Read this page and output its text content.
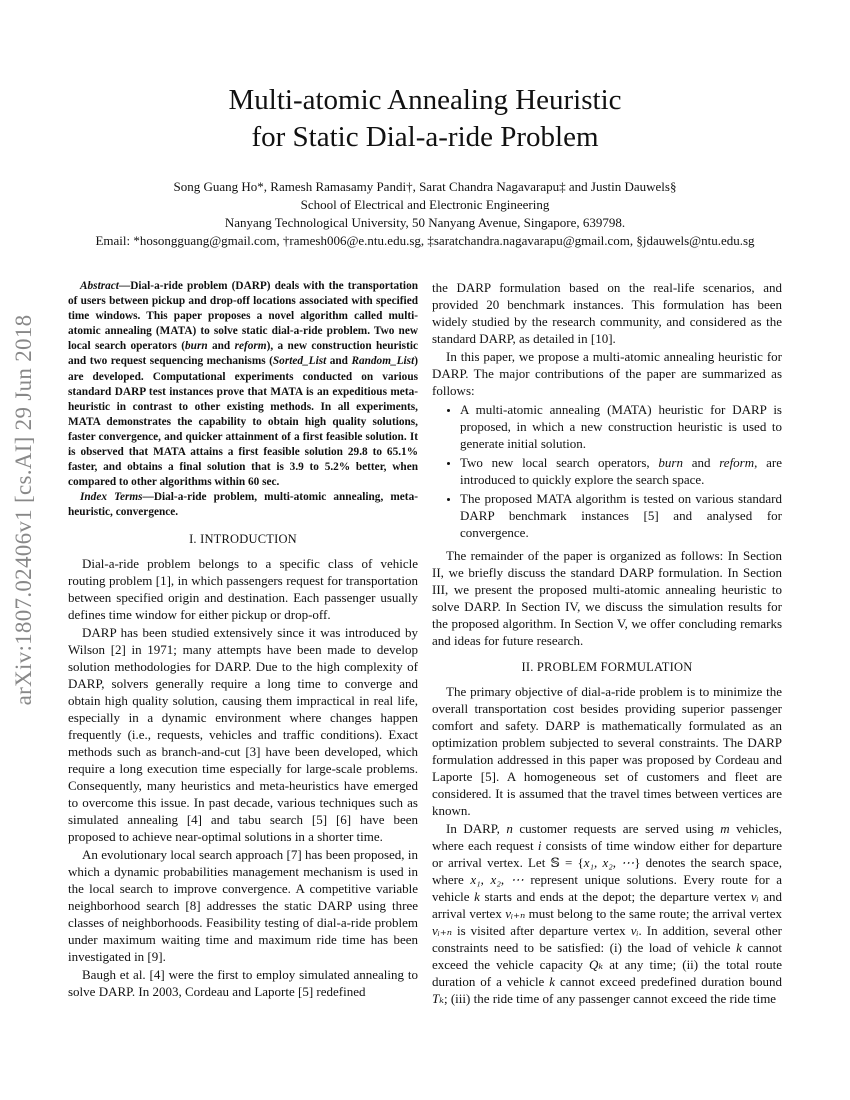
arXiv:1807.02406v1 [cs.AI] 29 Jun 2018
Multi-atomic Annealing Heuristic
for Static Dial-a-ride Problem
Song Guang Ho*, Ramesh Ramasamy Pandi†, Sarat Chandra Nagavarapu‡ and Justin Dauwels§
School of Electrical and Electronic Engineering
Nanyang Technological University, 50 Nanyang Avenue, Singapore, 639798.
Email: *hosongguang@gmail.com, †ramesh006@e.ntu.edu.sg, ‡saratchandra.nagavarapu@gmail.com, §jdauwels@ntu.edu.sg

Abstract—Dial-a-ride problem (DARP) deals with the transportation of users between pickup and drop-off locations associated with specified time windows. This paper proposes a novel algorithm called multi-atomic annealing (MATA) to solve static dial-a-ride problem. Two new local search operators (burn and reform), a new construction heuristic and two request sequencing mechanisms (Sorted_List and Random_List) are developed. Computational experiments conducted on various standard DARP test instances prove that MATA is an expeditious meta-heuristic in contrast to other existing methods. In all experiments, MATA demonstrates the capability to obtain high quality solutions, faster convergence, and quicker attainment of a first feasible solution. It is observed that MATA attains a first feasible solution 29.8 to 65.1% faster, and obtains a final solution that is 3.9 to 5.2% better, when compared to other algorithms within 60 sec.

Index Terms—Dial-a-ride problem, multi-atomic annealing, meta-heuristic, convergence.

I. INTRODUCTION

Dial-a-ride problem belongs to a specific class of vehicle routing problem [1], in which passengers request for transportation between specified origin and destination. Each passenger usually defines time window for either pickup or drop-off.

DARP has been studied extensively since it was introduced by Wilson [2] in 1971; many attempts have been made to develop solution methodologies for DARP. Due to the high complexity of DARP, solvers generally require a long time to converge and obtain high quality solution, causing them impractical in real life, especially in a dynamic environment where changes happen frequently (i.e., requests, vehicles and traffic conditions). Exact methods such as branch-and-cut [3] have been developed, which require a long execution time especially for large-scale problems. Consequently, many heuristics and meta-heuristics have emerged to overcome this issue. In past decade, various techniques such as simulated annealing [4] and tabu search [5] [6] have been proposed to achieve near-optimal solutions in a shorter time.

An evolutionary local search approach [7] has been proposed, in which a dynamic probabilities management mechanism is used in the local search to improve convergence. A competitive variable neighborhood search [8] addresses the static DARP using three classes of neighborhoods. Feasibility testing of dial-a-ride problem under maximum waiting time and maximum ride time has been investigated in [9].

Baugh et al. [4] were the first to employ simulated annealing to solve DARP. In 2003, Cordeau and Laporte [5] redefined

the DARP formulation based on the real-life scenarios, and provided 20 benchmark instances. This formulation has been widely studied by the research community, and considered as the standard DARP, as detailed in [10].

In this paper, we propose a multi-atomic annealing heuristic for DARP. The major contributions of the paper are summarized as follows:

• A multi-atomic annealing (MATA) heuristic for DARP is proposed, in which a new construction heuristic is used to generate initial solution.
• Two new local search operators, burn and reform, are introduced to quickly explore the search space.
• The proposed MATA algorithm is tested on various standard DARP benchmark instances [5] and analysed for convergence.

The remainder of the paper is organized as follows: In Section II, we briefly discuss the standard DARP formulation. In Section III, we present the proposed multi-atomic annealing heuristic to solve DARP. In Section IV, we discuss the simulation results for the proposed algorithm. In Section V, we offer concluding remarks and ideas for future research.

II. PROBLEM FORMULATION

The primary objective of dial-a-ride problem is to minimize the overall transportation cost besides providing superior passenger comfort and safety. DARP is mathematically formulated as an optimization problem subjected to several constraints. The DARP formulation addressed in this paper was proposed by Cordeau and Laporte [5]. A homogeneous set of customers and fleet are considered. It is assumed that the travel times between vertices are known.

In DARP, n customer requests are served using m vehicles, where each request i consists of time window either for departure or arrival vertex. Let 𝕊 = {x₁, x₂, ⋯} denotes the search space, where x₁, x₂, ⋯ represent unique solutions. Every route for a vehicle k starts and ends at the depot; the departure vertex vᵢ and arrival vertex vᵢ₊ₙ must belong to the same route; the arrival vertex vᵢ₊ₙ is visited after departure vertex vᵢ. In addition, several other constraints need to be satisfied: (i) the load of vehicle k cannot exceed the vehicle capacity Qₖ at any time; (ii) the total route duration of a vehicle k cannot exceed predefined duration bound Tₖ; (iii) the ride time of any passenger cannot exceed the ride time
